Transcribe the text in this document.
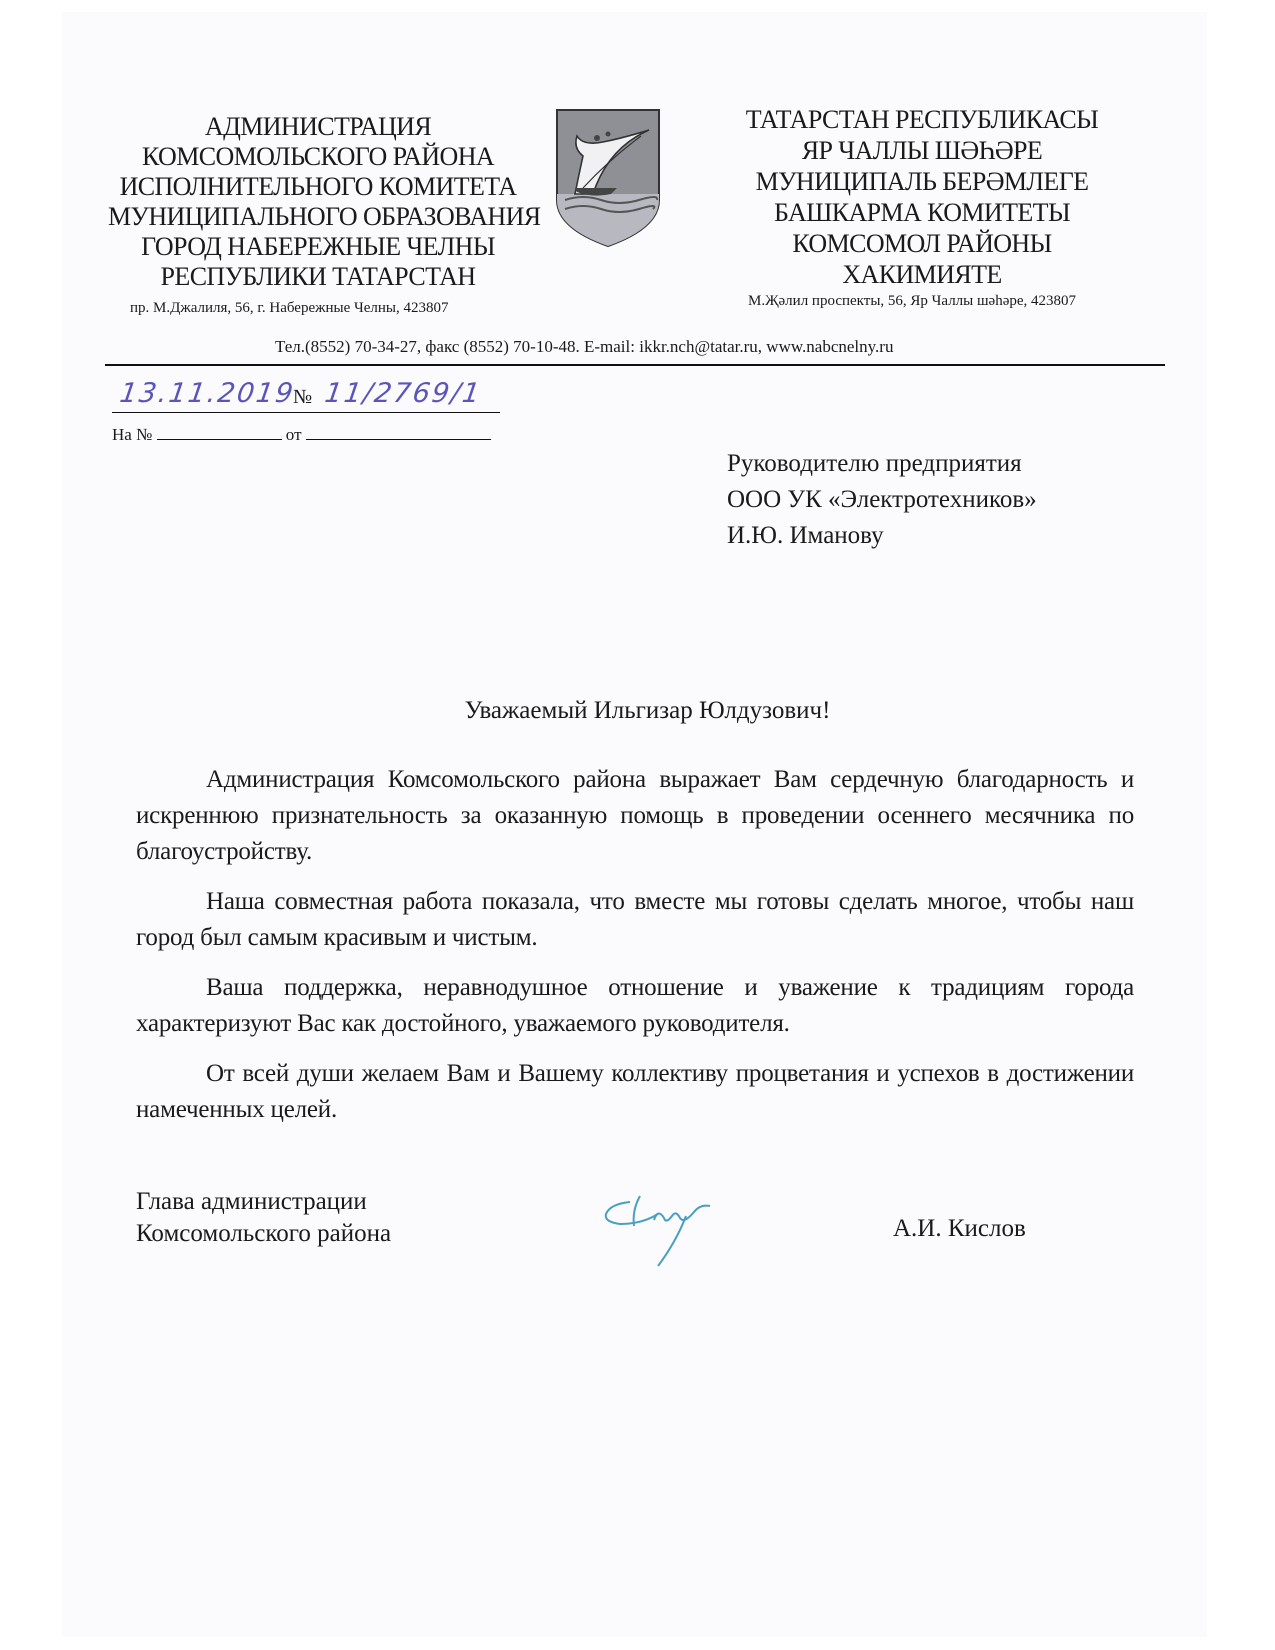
АДМИНИСТРАЦИЯ
КОМСОМОЛЬСКОГО РАЙОНА
ИСПОЛНИТЕЛЬНОГО КОМИТЕТА
МУНИЦИПАЛЬНОГО ОБРАЗОВАНИЯ
ГОРОД НАБЕРЕЖНЫЕ ЧЕЛНЫ
РЕСПУБЛИКИ ТАТАРСТАН
пр. М.Джалиля, 56, г. Набережные Челны, 423807
ТАТАРСТАН РЕСПУБЛИКАСЫ
ЯР ЧАЛЛЫ ШӘҺӘРЕ
МУНИЦИПАЛЬ БЕРӘМЛЕГЕ
БАШКАРМА КОМИТЕТЫ
КОМСОМОЛ РАЙОНЫ
ХАКИМИЯТЕ
М.Җәлил проспекты, 56, Яр Чаллы шәһәре, 423807
Тел.(8552) 70-34-27, факс (8552) 70-10-48. E-mail: ikkr.nch@tatar.ru, www.nabcnelny.ru
13.11.2019
№ 11/2769/1
На №	от
Руководителю предприятия
ООО УК «Электротехников»
И.Ю. Иманову
Уважаемый Ильгизар Юлдузович!

Администрация Комсомольского района выражает Вам сердечную благодарность и искреннюю признательность за оказанную помощь в проведении осеннего месячника по благоустройству.

Наша совместная работа показала, что вместе мы готовы сделать многое, чтобы наш город был самым красивым и чистым.

Ваша поддержка, неравнодушное отношение и уважение к традициям города характеризуют Вас как достойного, уважаемого руководителя.

От всей души желаем Вам и Вашему коллективу процветания и успехов в достижении намеченных целей.

Глава администрации
Комсомольского района	А.И. Кислов
